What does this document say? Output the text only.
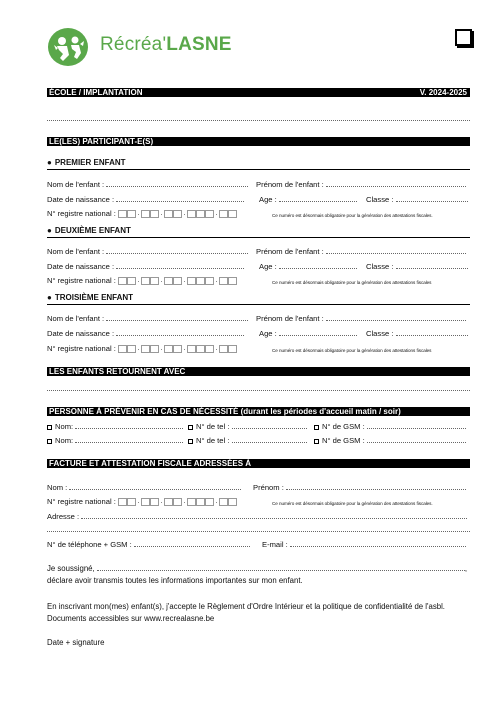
Récréa'LASNE
ÉCOLE / IMPLANTATION	V. 2024-2025
LE(LES) PARTICIPANT-E(S)
● PREMIER ENFANT
Nom de l'enfant :	Prénom de l'enfant :
Date de naissance :	Age :	Classe :
N° registre national :	.	.	.	.	Ce numéro est désormais obligatoire pour la génération des attestations fiscales.
● DEUXIÈME ENFANT
Nom de l'enfant :	Prénom de l'enfant :
Date de naissance :	Age :	Classe :
N° registre national :	.	.	.	.	Ce numéro est désormais obligatoire pour la génération des attestations fiscales
● TROISIÈME ENFANT
Nom de l'enfant :	Prénom de l'enfant :
Date de naissance :	Age :	Classe :
N° registre national :	.	.	.	.	Ce numéro est désormais obligatoire pour la génération des attestations fiscales
LES ENFANTS RETOURNENT AVEC
PERSONNE À PRÉVENIR EN CAS DE NÉCESSITÉ (durant les périodes d'accueil matin / soir)
Nom:	N° de tel :	N° de GSM :
Nom:	N° de tel :	N° de GSM :
FACTURE ET ATTESTATION FISCALE ADRESSÉES À
Nom :	Prénom :
N° registre national :	.	.	.	.	Ce numéro est désormais obligatoire pour la génération des attestations fiscales.
Adresse :
N° de téléphone + GSM :	E-mail :
Je soussigné,	,
déclare avoir transmis toutes les informations importantes sur mon enfant.
En inscrivant mon(mes) enfant(s), j'accepte le Règlement d'Ordre Intérieur et la politique de confidentialité de l'asbl.
Documents accessibles sur www.recrealasne.be
Date + signature
